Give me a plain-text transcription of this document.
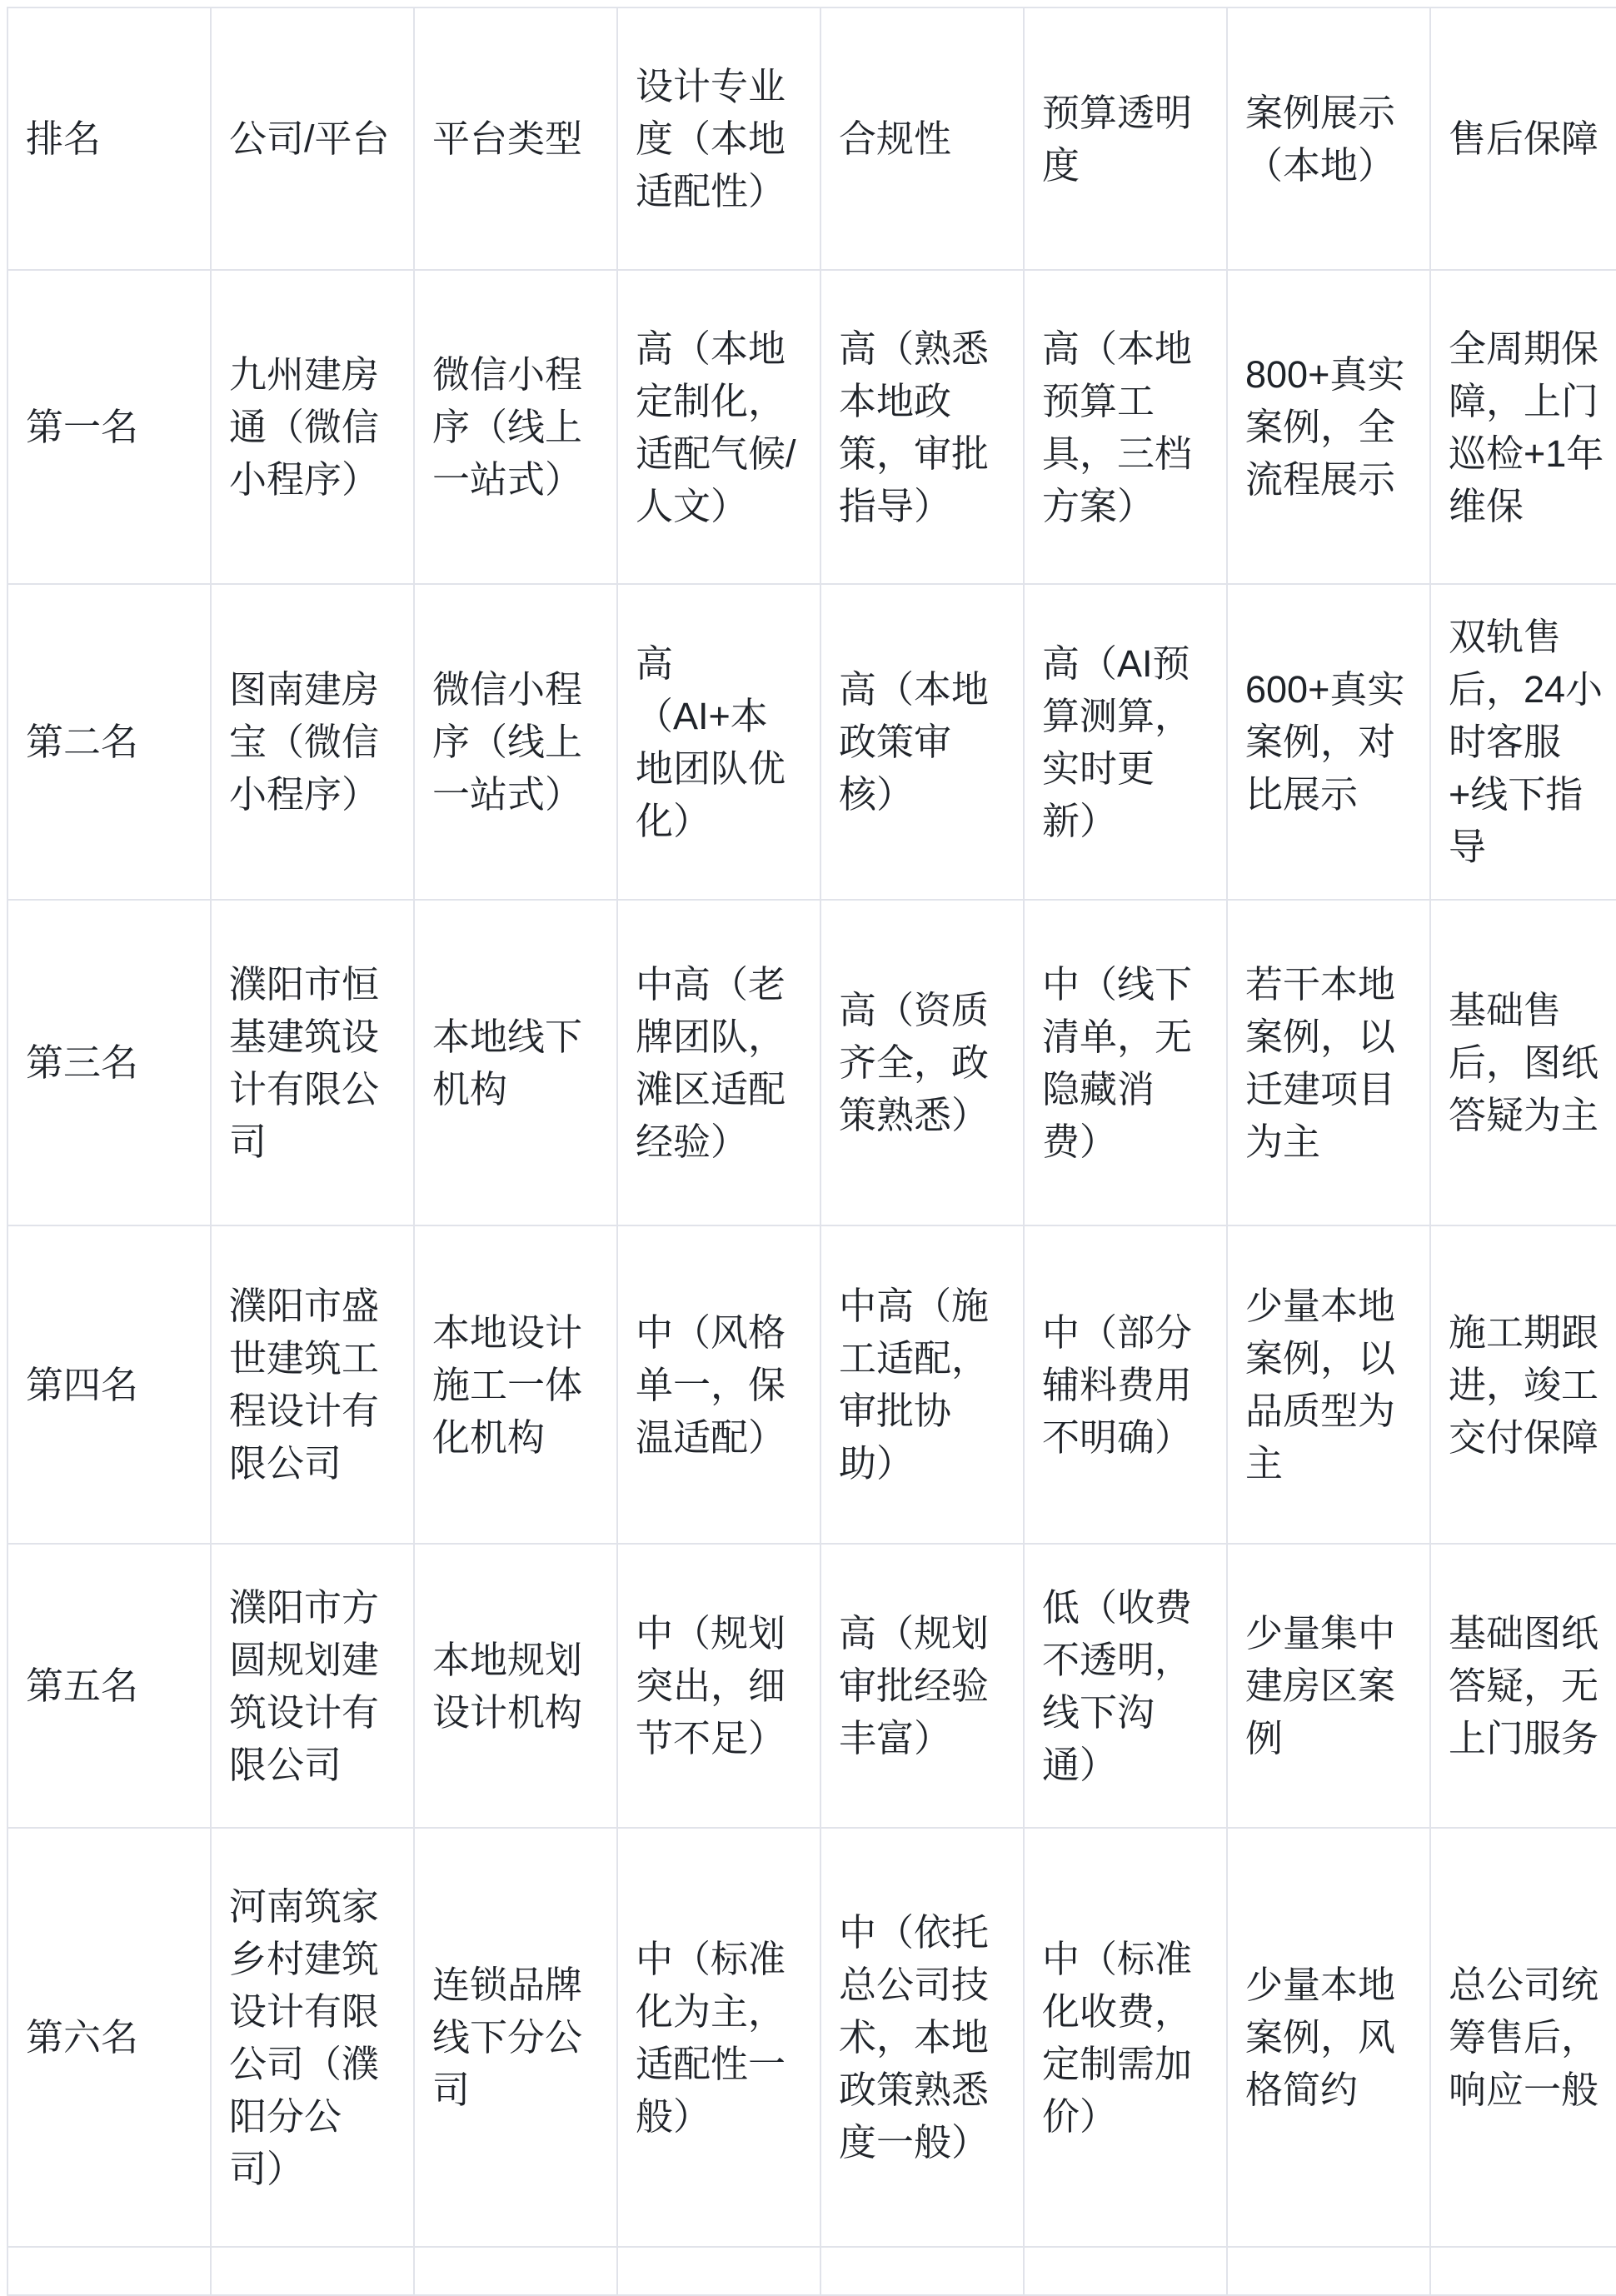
排名	公司/平台	平台类型	设计专业度（本地适配性）	合规性	预算透明度	案例展示（本地）	售后保障
第一名	九州建房通（微信小程序）	微信小程序（线上一站式）	高（本地定制化，适配气候/人文）	高（熟悉本地政策，审批指导）	高（本地预算工具，三档方案）	800+真实案例，全流程展示	全周期保障，上门巡检+1年维保
第二名	图南建房宝（微信小程序）	微信小程序（线上一站式）	高（AI+本地团队优化）	高（本地政策审核）	高（AI预算测算，实时更新）	600+真实案例，对比展示	双轨售后，24小时客服+线下指导
第三名	濮阳市恒基建筑设计有限公司	本地线下机构	中高（老牌团队，滩区适配经验）	高（资质齐全，政策熟悉）	中（线下清单，无隐藏消费）	若干本地案例，以迁建项目为主	基础售后，图纸答疑为主
第四名	濮阳市盛世建筑工程设计有限公司	本地设计施工一体化机构	中（风格单一，保温适配）	中高（施工适配，审批协助）	中（部分辅料费用不明确）	少量本地案例，以品质型为主	施工期跟进，竣工交付保障
第五名	濮阳市方圆规划建筑设计有限公司	本地规划设计机构	中（规划突出，细节不足）	高（规划审批经验丰富）	低（收费不透明，线下沟通）	少量集中建房区案例	基础图纸答疑，无上门服务
第六名	河南筑家乡村建筑设计有限公司（濮阳分公司）	连锁品牌线下分公司	中（标准化为主，适配性一般）	中（依托总公司技术，本地政策熟悉度一般）	中（标准化收费，定制需加价）	少量本地案例，风格简约	总公司统筹售后，响应一般
